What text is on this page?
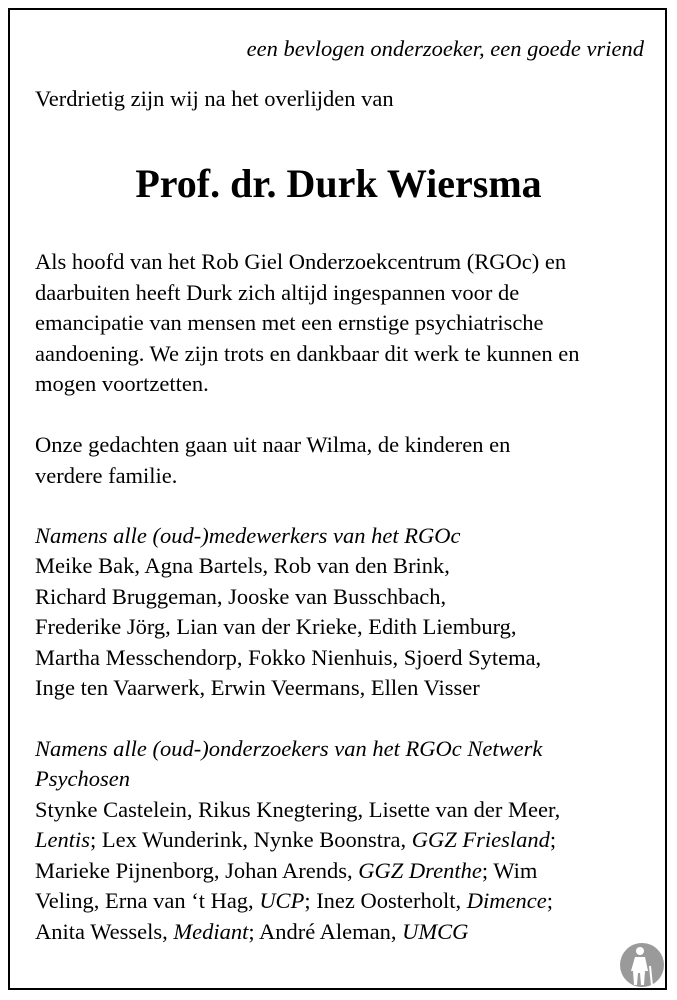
een bevlogen onderzoeker, een goede vriend
Verdrietig zijn wij na het overlijden van
Prof. dr. Durk Wiersma
Als hoofd van het Rob Giel Onderzoekcentrum (RGOc) en
daarbuiten heeft Durk zich altijd ingespannen voor de
emancipatie van mensen met een ernstige psychiatrische
aandoening. We zijn trots en dankbaar dit werk te kunnen en
mogen voortzetten.
Onze gedachten gaan uit naar Wilma, de kinderen en
verdere familie.
Namens alle (oud-)medewerkers van het RGOc
Meike Bak, Agna Bartels, Rob van den Brink,
Richard Bruggeman, Jooske van Busschbach,
Frederike Jörg, Lian van der Krieke, Edith Liemburg,
Martha Messchendorp, Fokko Nienhuis, Sjoerd Sytema,
Inge ten Vaarwerk, Erwin Veermans, Ellen Visser
Namens alle (oud-)onderzoekers van het RGOc Netwerk
Psychosen
Stynke Castelein, Rikus Knegtering, Lisette van der Meer,
Lentis; Lex Wunderink, Nynke Boonstra, GGZ Friesland;
Marieke Pijnenborg, Johan Arends, GGZ Drenthe; Wim
Veling, Erna van ‘t Hag, UCP; Inez Oosterholt, Dimence;
Anita Wessels, Mediant; André Aleman, UMCG
